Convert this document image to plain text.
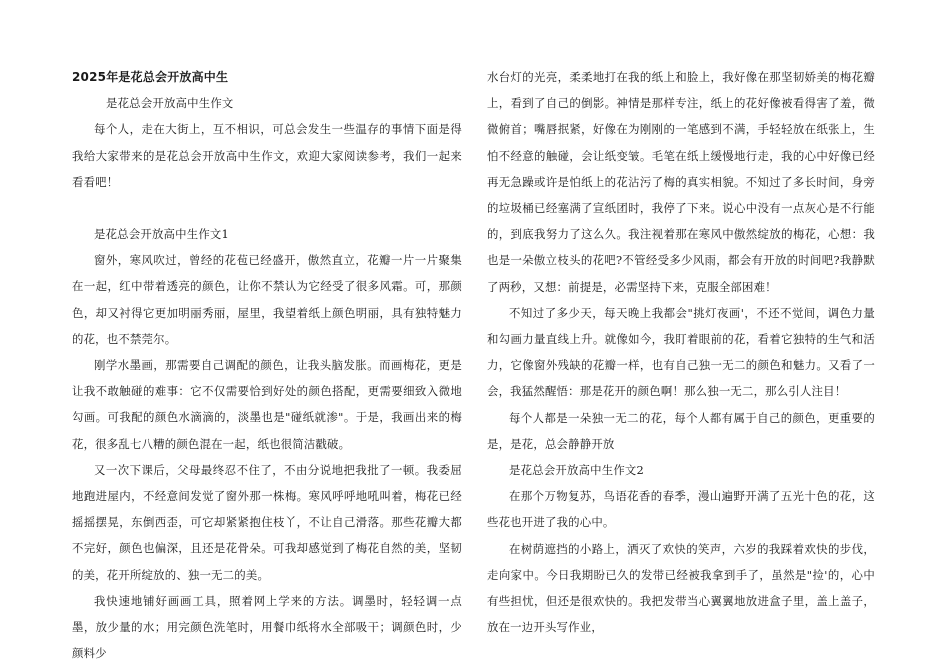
2025年是花总会开放高中生

是花总会开放高中生作文

每个人，走在大街上，互不相识，可总会发生一些温存的事情下面是得我给大家带来的是花总会开放高中生作文，欢迎大家阅读参考，我们一起来看看吧！

是花总会开放高中生作文1

窗外，寒风吹过，曾经的花苞已经盛开，傲然直立，花瓣一片一片聚集在一起，红中带着透亮的颜色，让你不禁认为它经受了很多风霜。可，那颜色，却又衬得它更加明丽秀丽，屋里，我望着纸上颜色明丽，具有独特魅力的花，也不禁莞尔。

刚学水墨画，那需要自己调配的颜色，让我头脑发胀。而画梅花，更是让我不敢触碰的难事：它不仅需要恰到好处的颜色搭配，更需要细致入微地勾画。可我配的颜色水滴滴的，淡墨也是"碰纸就渗"。于是，我画出来的梅花，很多乱七八糟的颜色混在一起，纸也很简洁戳破。

又一次下课后，父母最终忍不住了，不由分说地把我批了一顿。我委屈地跑进屋内，不经意间发觉了窗外那一株梅。寒风呼呼地吼叫着，梅花已经摇摇摆晃，东倒西歪，可它却紧紧抱住枝丫，不让自己滑落。那些花瓣大都不完好，颜色也偏深，且还是花骨朵。可我却感觉到了梅花自然的美，坚韧的美，花开所绽放的、独一无二的美。

我快速地铺好画画工具，照着网上学来的方法。调墨时，轻轻调一点墨，放少量的水；用完颜色洗笔时，用餐巾纸将水全部吸干；调颜色时，少颜料少

水台灯的光亮，柔柔地打在我的纸上和脸上，我好像在那坚韧娇美的梅花瓣上，看到了自己的倒影。神情是那样专注，纸上的花好像被看得害了羞，微微俯首；嘴唇抿紧，好像在为刚刚的一笔感到不满，手轻轻放在纸张上，生怕不经意的触碰，会让纸变皱。毛笔在纸上缓慢地行走，我的心中好像已经再无急躁或许是怕纸上的花沾污了梅的真实相貌。不知过了多长时间，身旁的垃圾桶已经塞满了宣纸团时，我停了下来。说心中没有一点灰心是不行能的，到底我努力了这么久。我注视着那在寒风中傲然绽放的梅花，心想：我也是一朵傲立枝头的花吧?不管经受多少风雨，都会有开放的时间吧?我静默了两秒，又想：前提是，必需坚持下来，克服全部困难！

不知过了多少天，每天晚上我都会"挑灯夜画'，不还不觉间，调色力量和勾画力量直线上升。就像如今，我盯着眼前的花，看着它独特的生气和活力，它像窗外残缺的花瓣一样，也有自己独一无二的颜色和魅力。又看了一会，我猛然醒悟：那是花开的颜色啊！那么独一无二，那么引人注目！

每个人都是一朵独一无二的花，每个人都有属于自己的颜色，更重要的是，是花，总会静静开放

是花总会开放高中生作文2

在那个万物复苏，鸟语花香的春季，漫山遍野开满了五光十色的花，这些花也开进了我的心中。

在树荫遮挡的小路上，洒灭了欢快的笑声，六岁的我踩着欢快的步伐，走向家中。今日我期盼已久的发带已经被我拿到手了，虽然是"捡'的，心中有些担忧，但还是很欢快的。我把发带当心翼翼地放进盒子里，盖上盖子，放在一边开头写作业，
